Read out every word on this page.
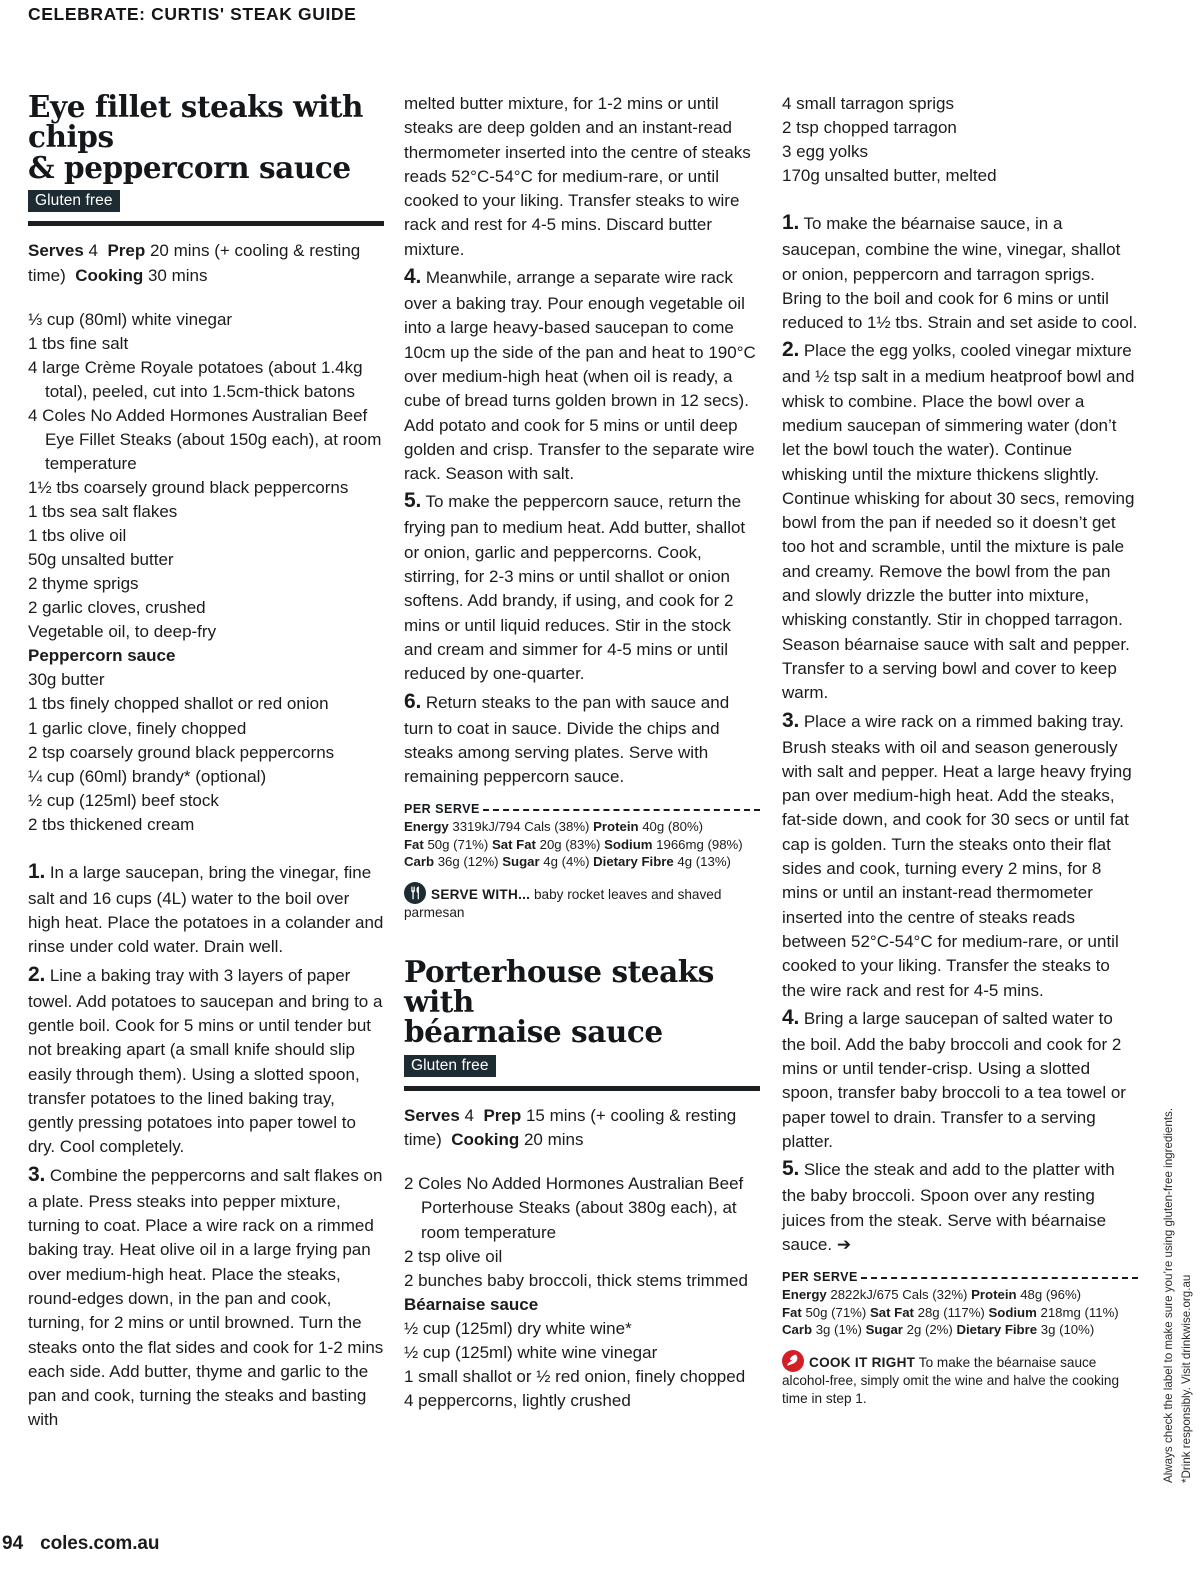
CELEBRATE: CURTIS' STEAK GUIDE
Eye fillet steaks with chips
& peppercorn sauce
Gluten free

Serves 4 Prep 20 mins (+ cooling & resting time) Cooking 30 mins

⅓ cup (80ml) white vinegar

1 tbs fine salt

4 large Crème Royale potatoes (about 1.4kg total), peeled, cut into 1.5cm-thick batons

4 Coles No Added Hormones Australian Beef Eye Fillet Steaks (about 150g each), at room temperature

1½ tbs coarsely ground black peppercorns

1 tbs sea salt flakes

1 tbs olive oil

50g unsalted butter

2 thyme sprigs

2 garlic cloves, crushed

Vegetable oil, to deep-fry

Peppercorn sauce

30g butter

1 tbs finely chopped shallot or red onion

1 garlic clove, finely chopped

2 tsp coarsely ground black peppercorns

¼ cup (60ml) brandy* (optional)

½ cup (125ml) beef stock

2 tbs thickened cream

1. In a large saucepan, bring the vinegar, fine salt and 16 cups (4L) water to the boil over high heat. Place the potatoes in a colander and rinse under cold water. Drain well.

2. Line a baking tray with 3 layers of paper towel. Add potatoes to saucepan and bring to a gentle boil. Cook for 5 mins or until tender but not breaking apart (a small knife should slip easily through them). Using a slotted spoon, transfer potatoes to the lined baking tray, gently pressing potatoes into paper towel to dry. Cool completely.

3. Combine the peppercorns and salt flakes on a plate. Press steaks into pepper mixture, turning to coat. Place a wire rack on a rimmed baking tray. Heat olive oil in a large frying pan over medium-high heat. Place the steaks, round-edges down, in the pan and cook, turning, for 2 mins or until browned. Turn the steaks onto the flat sides and cook for 1-2 mins each side. Add butter, thyme and garlic to the pan and cook, turning the steaks and basting with

melted butter mixture, for 1-2 mins or until steaks are deep golden and an instant-read thermometer inserted into the centre of steaks reads 52°C-54°C for medium-rare, or until cooked to your liking. Transfer steaks to wire rack and rest for 4-5 mins. Discard butter mixture.

4. Meanwhile, arrange a separate wire rack over a baking tray. Pour enough vegetable oil into a large heavy-based saucepan to come 10cm up the side of the pan and heat to 190°C over medium-high heat (when oil is ready, a cube of bread turns golden brown in 12 secs). Add potato and cook for 5 mins or until deep golden and crisp. Transfer to the separate wire rack. Season with salt.

5. To make the peppercorn sauce, return the frying pan to medium heat. Add butter, shallot or onion, garlic and peppercorns. Cook, stirring, for 2-3 mins or until shallot or onion softens. Add brandy, if using, and cook for 2 mins or until liquid reduces. Stir in the stock and cream and simmer for 4-5 mins or until reduced by one-quarter.

6. Return steaks to the pan with sauce and turn to coat in sauce. Divide the chips and steaks among serving plates. Serve with remaining peppercorn sauce.

PER SERVE
Energy 3319kJ/794 Cals (38%) Protein 40g (80%)
Fat 50g (71%) Sat Fat 20g (83%) Sodium 1966mg (98%)
Carb 36g (12%) Sugar 4g (4%) Dietary Fibre 4g (13%)
SERVE WITH... baby rocket leaves and shaved parmesan
Porterhouse steaks with
béarnaise sauce
Gluten free

Serves 4 Prep 15 mins (+ cooling & resting time) Cooking 20 mins

2 Coles No Added Hormones Australian Beef Porterhouse Steaks (about 380g each), at room temperature

2 tsp olive oil

2 bunches baby broccoli, thick stems trimmed

Béarnaise sauce

½ cup (125ml) dry white wine*

½ cup (125ml) white wine vinegar

1 small shallot or ½ red onion, finely chopped

4 peppercorns, lightly crushed

4 small tarragon sprigs

2 tsp chopped tarragon

3 egg yolks

170g unsalted butter, melted

1. To make the béarnaise sauce, in a saucepan, combine the wine, vinegar, shallot or onion, peppercorn and tarragon sprigs. Bring to the boil and cook for 6 mins or until reduced to 1½ tbs. Strain and set aside to cool.

2. Place the egg yolks, cooled vinegar mixture and ½ tsp salt in a medium heatproof bowl and whisk to combine. Place the bowl over a medium saucepan of simmering water (don’t let the bowl touch the water). Continue whisking until the mixture thickens slightly. Continue whisking for about 30 secs, removing bowl from the pan if needed so it doesn’t get too hot and scramble, until the mixture is pale and creamy. Remove the bowl from the pan and slowly drizzle the butter into mixture, whisking constantly. Stir in chopped tarragon. Season béarnaise sauce with salt and pepper. Transfer to a serving bowl and cover to keep warm.

3. Place a wire rack on a rimmed baking tray. Brush steaks with oil and season generously with salt and pepper. Heat a large heavy frying pan over medium-high heat. Add the steaks, fat-side down, and cook for 30 secs or until fat cap is golden. Turn the steaks onto their flat sides and cook, turning every 2 mins, for 8 mins or until an instant-read thermometer inserted into the centre of steaks reads between 52°C-54°C for medium-rare, or until cooked to your liking. Transfer the steaks to the wire rack and rest for 4-5 mins.

4. Bring a large saucepan of salted water to the boil. Add the baby broccoli and cook for 2 mins or until tender-crisp. Using a slotted spoon, transfer baby broccoli to a tea towel or paper towel to drain. Transfer to a serving platter.

5. Slice the steak and add to the platter with the baby broccoli. Spoon over any resting juices from the steak. Serve with béarnaise sauce. ➔

PER SERVE
Energy 2822kJ/675 Cals (32%) Protein 48g (96%)
Fat 50g (71%) Sat Fat 28g (117%) Sodium 218mg (11%)
Carb 3g (1%) Sugar 2g (2%) Dietary Fibre 3g (10%)
COOK IT RIGHT To make the béarnaise sauce alcohol-free, simply omit the wine and halve the cooking time in step 1.	Always check the label to make sure you’re using gluten-free ingredients. *Drink responsibly. Visit drinkwise.org.au
94 coles.com.au
